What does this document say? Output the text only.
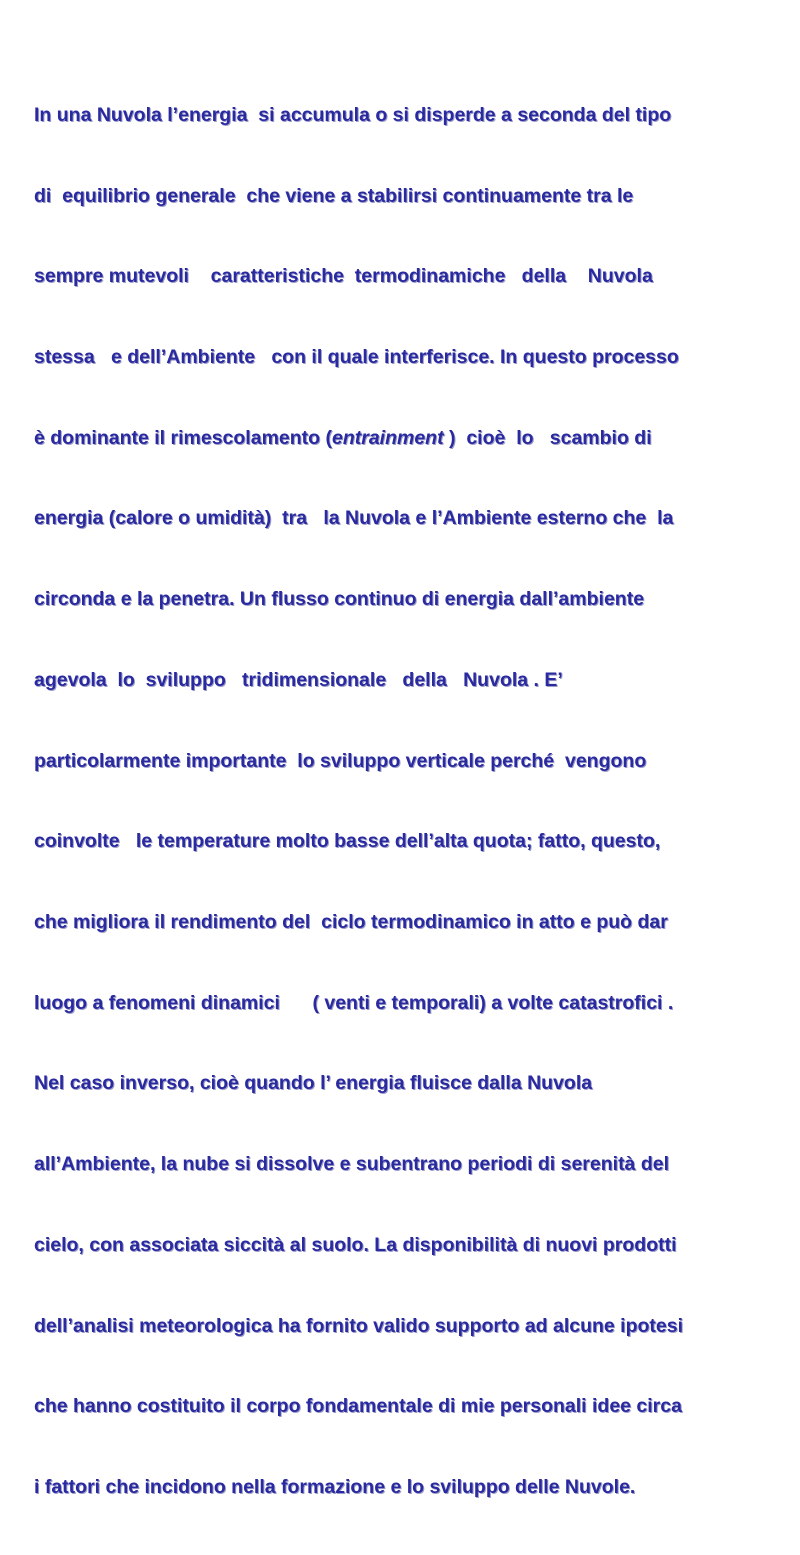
In una Nuvola l’energia  si accumula o si disperde a seconda del tipo

di  equilibrio generale  che viene a stabilirsi continuamente tra le

sempre mutevoli    caratteristiche  termodinamiche   della    Nuvola

stessa   e dell’Ambiente   con il quale interferisce. In questo processo

è dominante il rimescolamento (entrainment )  cioè  lo   scambio di

energia (calore o umidità)  tra   la Nuvola e l’Ambiente esterno che  la

circonda e la penetra. Un flusso continuo di energia dall’ambiente

agevola  lo  sviluppo   tridimensionale   della   Nuvola . E’

particolarmente importante  lo sviluppo verticale perché  vengono

coinvolte   le temperature molto basse dell’alta quota; fatto, questo,

che migliora il rendimento del  ciclo termodinamico in atto e può dar

luogo a fenomeni dinamici      ( venti e temporali) a volte catastrofici .

Nel caso inverso, cioè quando l’ energia fluisce dalla Nuvola

all’Ambiente, la nube si dissolve e subentrano periodi di serenità del

cielo, con associata siccità al suolo. La disponibilità di nuovi prodotti

dell’analisi meteorologica ha fornito valido supporto ad alcune ipotesi

che hanno costituito il corpo fondamentale di mie personali idee circa

i fattori che incidono nella formazione e lo sviluppo delle Nuvole.
